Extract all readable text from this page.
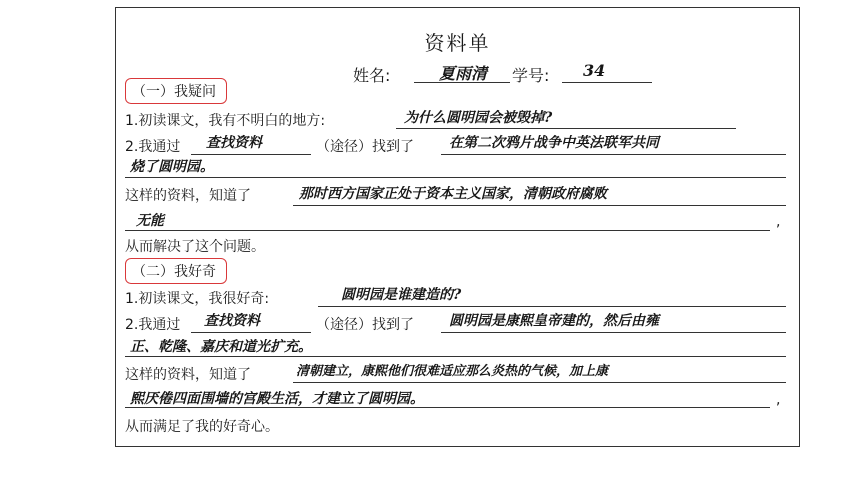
资料单
姓名:	夏雨清	学号:	34
（一）我疑问
1.初读课文，我有不明白的地方:	为什么圆明园会被毁掉?
2.我通过 查找资料	（途径）找到了	在第二次鸦片战争中英法联军共同
烧了圆明园。
这样的资料，知道了	那时西方国家正处于资本主义国家，清朝政府腐败
无能	,
从而解决了这个问题。
（二）我好奇
1.初读课文，我很好奇:	圆明园是谁建造的?
2.我通过 查找资料	（途径）找到了	圆明园是康熙皇帝建的，然后由雍
正、乾隆、嘉庆和道光扩充。
这样的资料，知道了	清朝建立，康熙他们很难适应那么炎热的气候，加上康
熙厌倦四面围墙的宫殿生活，才建立了圆明园。	,
从而满足了我的好奇心。
